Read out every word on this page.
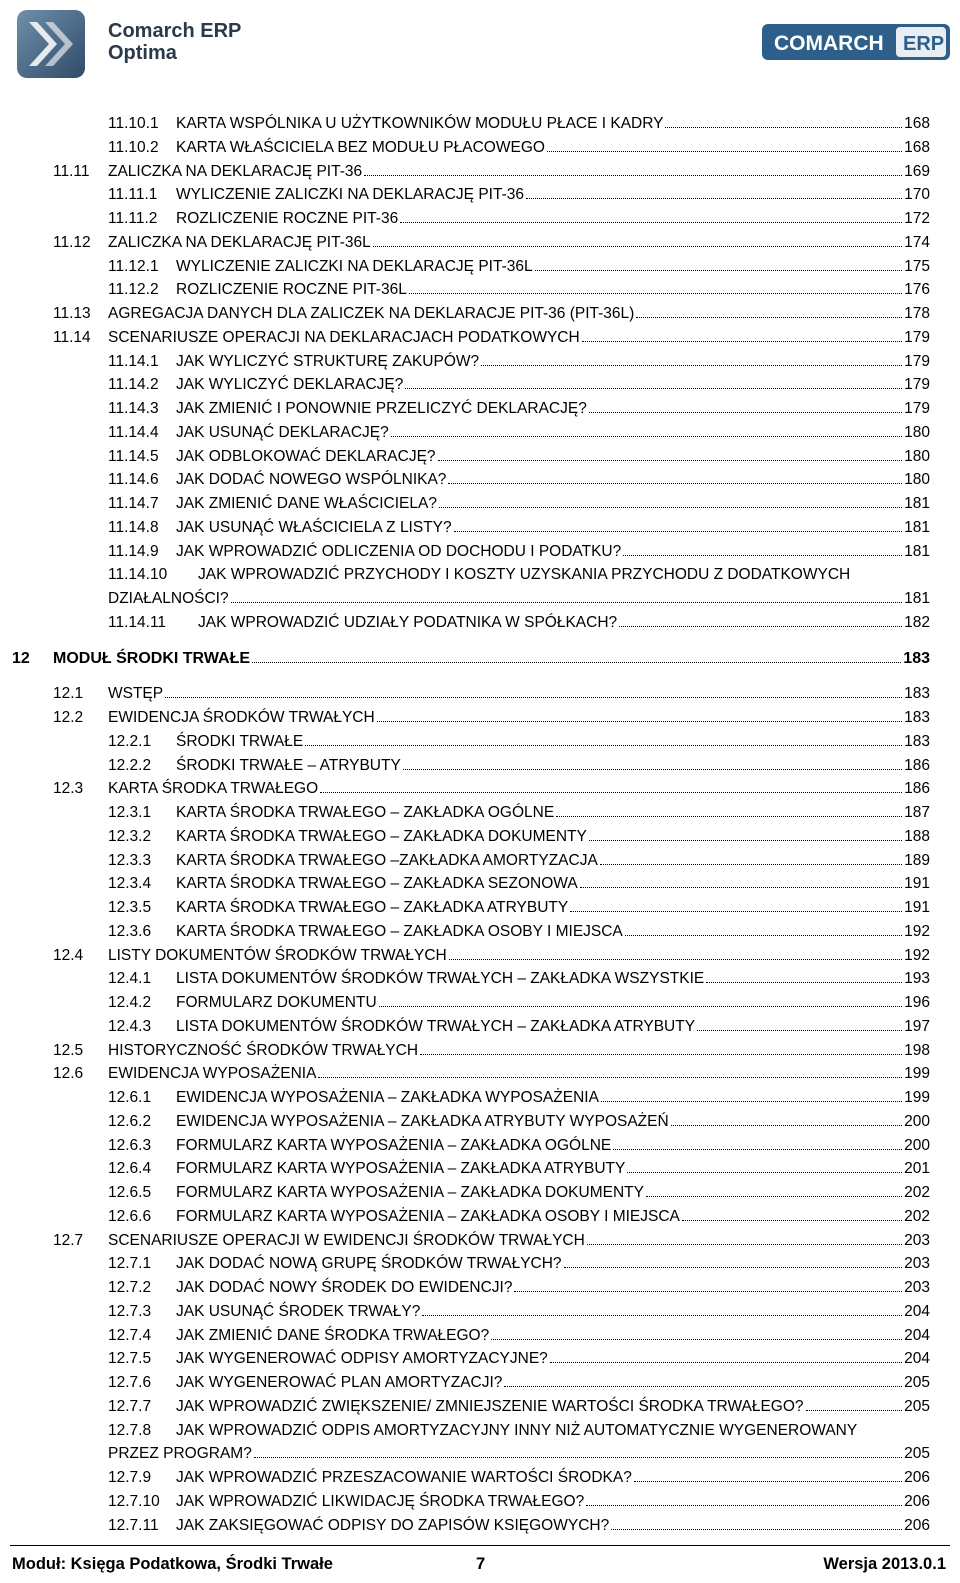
Comarch ERP
Optima	COMARCH ERP
11.10.1 KARTA WSPÓLNIKA U UŻYTKOWNIKÓW MODUŁU PŁACE I KADRY	168
11.10.2 KARTA WŁAŚCICIELA BEZ MODUŁU PŁACOWEGO	168
11.11 ZALICZKA NA DEKLARACJĘ PIT-36	169
11.11.1 WYLICZENIE ZALICZKI NA DEKLARACJĘ PIT-36	170
11.11.2 ROZLICZENIE ROCZNE PIT-36	172
11.12 ZALICZKA NA DEKLARACJĘ PIT-36L	174
11.12.1 WYLICZENIE ZALICZKI NA DEKLARACJĘ PIT-36L	175
11.12.2 ROZLICZENIE ROCZNE PIT-36L	176
11.13 AGREGACJA DANYCH DLA ZALICZEK NA DEKLARACJE PIT-36 (PIT-36L)	178
11.14 SCENARIUSZE OPERACJI NA DEKLARACJACH PODATKOWYCH	179
11.14.1 JAK WYLICZYĆ STRUKTURĘ ZAKUPÓW?	179
11.14.2 JAK WYLICZYĆ DEKLARACJĘ?	179
11.14.3 JAK ZMIENIĆ I PONOWNIE PRZELICZYĆ DEKLARACJĘ?	179
11.14.4 JAK USUNĄĆ DEKLARACJĘ?	180
11.14.5 JAK ODBLOKOWAĆ DEKLARACJĘ?	180
11.14.6 JAK DODAĆ NOWEGO WSPÓLNIKA?	180
11.14.7 JAK ZMIENIĆ DANE WŁAŚCICIELA?	181
11.14.8 JAK USUNĄĆ WŁAŚCICIELA Z LISTY?	181
11.14.9 JAK WPROWADZIĆ ODLICZENIA OD DOCHODU I PODATKU?	181
11.14.10 JAK WPROWADZIĆ PRZYCHODY I KOSZTY UZYSKANIA PRZYCHODU Z DODATKOWYCH
DZIAŁALNOŚCI?	181
11.14.11 JAK WPROWADZIĆ UDZIAŁY PODATNIKA W SPÓŁKACH?	182
12 MODUŁ ŚRODKI TRWAŁE	183
12.1 WSTĘP	183
12.2 EWIDENCJA ŚRODKÓW TRWAŁYCH	183
12.2.1 ŚRODKI TRWAŁE	183
12.2.2 ŚRODKI TRWAŁE – ATRYBUTY	186
12.3 KARTA ŚRODKA TRWAŁEGO	186
12.3.1 KARTA ŚRODKA TRWAŁEGO – ZAKŁADKA OGÓLNE	187
12.3.2 KARTA ŚRODKA TRWAŁEGO – ZAKŁADKA DOKUMENTY	188
12.3.3 KARTA ŚRODKA TRWAŁEGO –ZAKŁADKA AMORTYZACJA	189
12.3.4 KARTA ŚRODKA TRWAŁEGO – ZAKŁADKA SEZONOWA	191
12.3.5 KARTA ŚRODKA TRWAŁEGO – ZAKŁADKA ATRYBUTY	191
12.3.6 KARTA ŚRODKA TRWAŁEGO – ZAKŁADKA OSOBY I MIEJSCA	192
12.4 LISTY DOKUMENTÓW ŚRODKÓW TRWAŁYCH	192
12.4.1 LISTA DOKUMENTÓW ŚRODKÓW TRWAŁYCH – ZAKŁADKA WSZYSTKIE	193
12.4.2 FORMULARZ DOKUMENTU	196
12.4.3 LISTA DOKUMENTÓW ŚRODKÓW TRWAŁYCH – ZAKŁADKA ATRYBUTY	197
12.5 HISTORYCZNOŚĆ ŚRODKÓW TRWAŁYCH	198
12.6 EWIDENCJA WYPOSAŻENIA	199
12.6.1 EWIDENCJA WYPOSAŻENIA – ZAKŁADKA WYPOSAŻENIA	199
12.6.2 EWIDENCJA WYPOSAŻENIA – ZAKŁADKA ATRYBUTY WYPOSAŻEŃ	200
12.6.3 FORMULARZ KARTA WYPOSAŻENIA – ZAKŁADKA OGÓLNE	200
12.6.4 FORMULARZ KARTA WYPOSAŻENIA – ZAKŁADKA ATRYBUTY	201
12.6.5 FORMULARZ KARTA WYPOSAŻENIA – ZAKŁADKA DOKUMENTY	202
12.6.6 FORMULARZ KARTA WYPOSAŻENIA – ZAKŁADKA OSOBY I MIEJSCA	202
12.7 SCENARIUSZE OPERACJI W EWIDENCJI ŚRODKÓW TRWAŁYCH	203
12.7.1 JAK DODAĆ NOWĄ GRUPĘ ŚRODKÓW TRWAŁYCH?	203
12.7.2 JAK DODAĆ NOWY ŚRODEK DO EWIDENCJI?	203
12.7.3 JAK USUNĄĆ ŚRODEK TRWAŁY?	204
12.7.4 JAK ZMIENIĆ DANE ŚRODKA TRWAŁEGO?	204
12.7.5 JAK WYGENEROWAĆ ODPISY AMORTYZACYJNE?	204
12.7.6 JAK WYGENEROWAĆ PLAN AMORTYZACJI?	205
12.7.7 JAK WPROWADZIĆ ZWIĘKSZENIE/ ZMNIEJSZENIE WARTOŚCI ŚRODKA TRWAŁEGO?	205
12.7.8 JAK WPROWADZIĆ ODPIS AMORTYZACYJNY INNY NIŻ AUTOMATYCZNIE WYGENEROWANY
PRZEZ PROGRAM?	205
12.7.9 JAK WPROWADZIĆ PRZESZACOWANIE WARTOŚCI ŚRODKA?	206
12.7.10 JAK WPROWADZIĆ LIKWIDACJĘ ŚRODKA TRWAŁEGO?	206
12.7.11 JAK ZAKSIĘGOWAĆ ODPISY DO ZAPISÓW KSIĘGOWYCH?	206
Moduł: Księga Podatkowa, Środki Trwałe	7	Wersja 2013.0.1
